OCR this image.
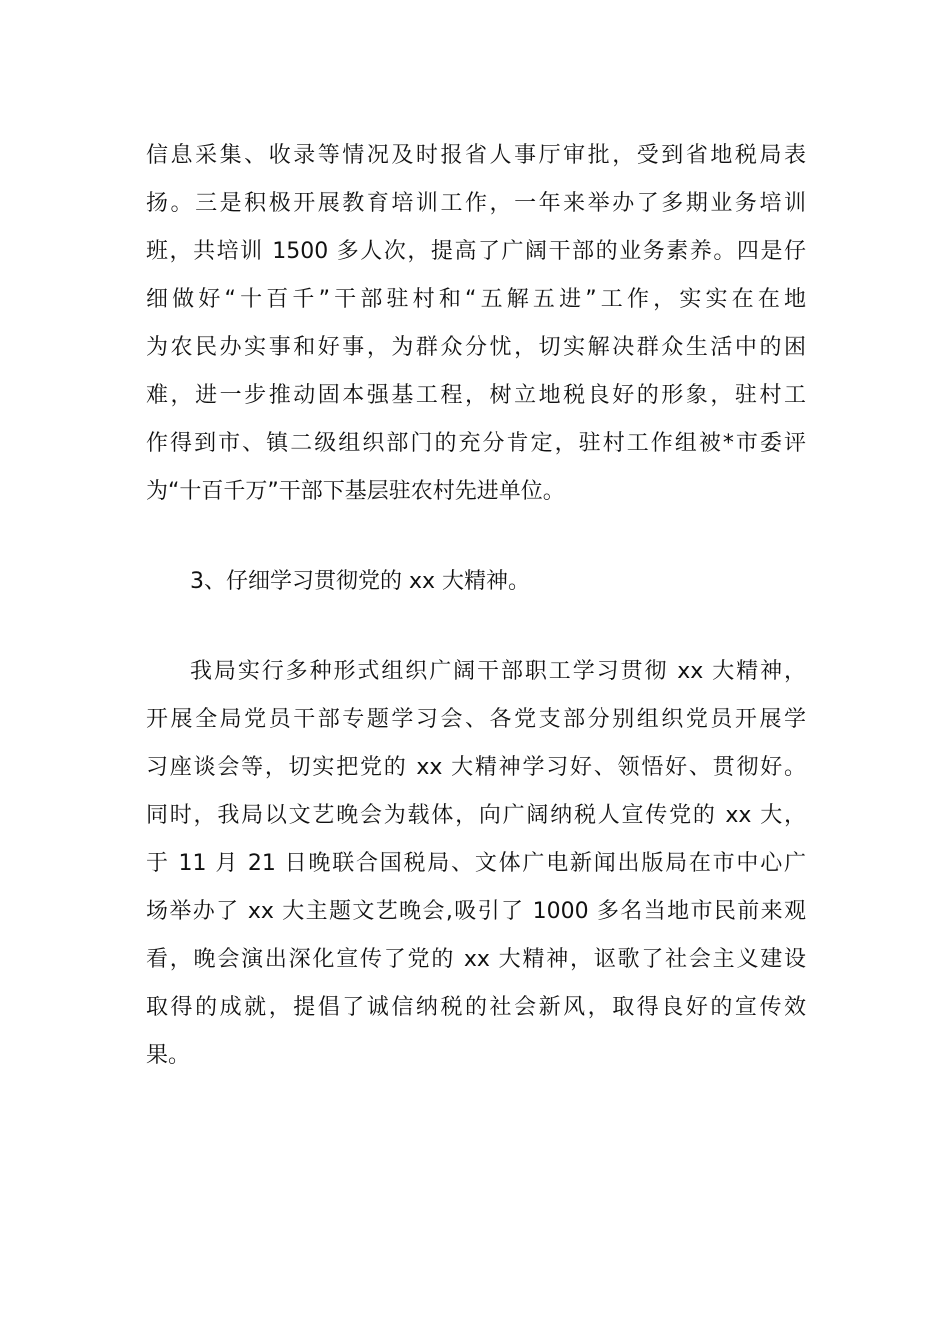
信息采集、收录等情况及时报省人事厅审批，受到省地税局表
扬。三是积极开展教育培训工作，一年来举办了多期业务培训
班，共培训 1500 多人次，提高了广阔干部的业务素养。四是仔
细做好“十百千”干部驻村和“五解五进”工作，实实在在地
为农民办实事和好事，为群众分忧，切实解决群众生活中的困
难，进一步推动固本强基工程，树立地税良好的形象，驻村工
作得到市、镇二级组织部门的充分肯定，驻村工作组被*市委评
为“十百千万”干部下基层驻农村先进单位。
3、仔细学习贯彻党的 xx 大精神。
我局实行多种形式组织广阔干部职工学习贯彻 xx 大精神，
开展全局党员干部专题学习会、各党支部分别组织党员开展学
习座谈会等，切实把党的 xx 大精神学习好、领悟好、贯彻好。
同时，我局以文艺晚会为载体，向广阔纳税人宣传党的 xx 大，
于 11 月 21 日晚联合国税局、文体广电新闻出版局在市中心广
场举办了 xx 大主题文艺晚会,吸引了 1000 多名当地市民前来观
看，晚会演出深化宣传了党的 xx 大精神，讴歌了社会主义建设
取得的成就，提倡了诚信纳税的社会新风，取得良好的宣传效
果。
